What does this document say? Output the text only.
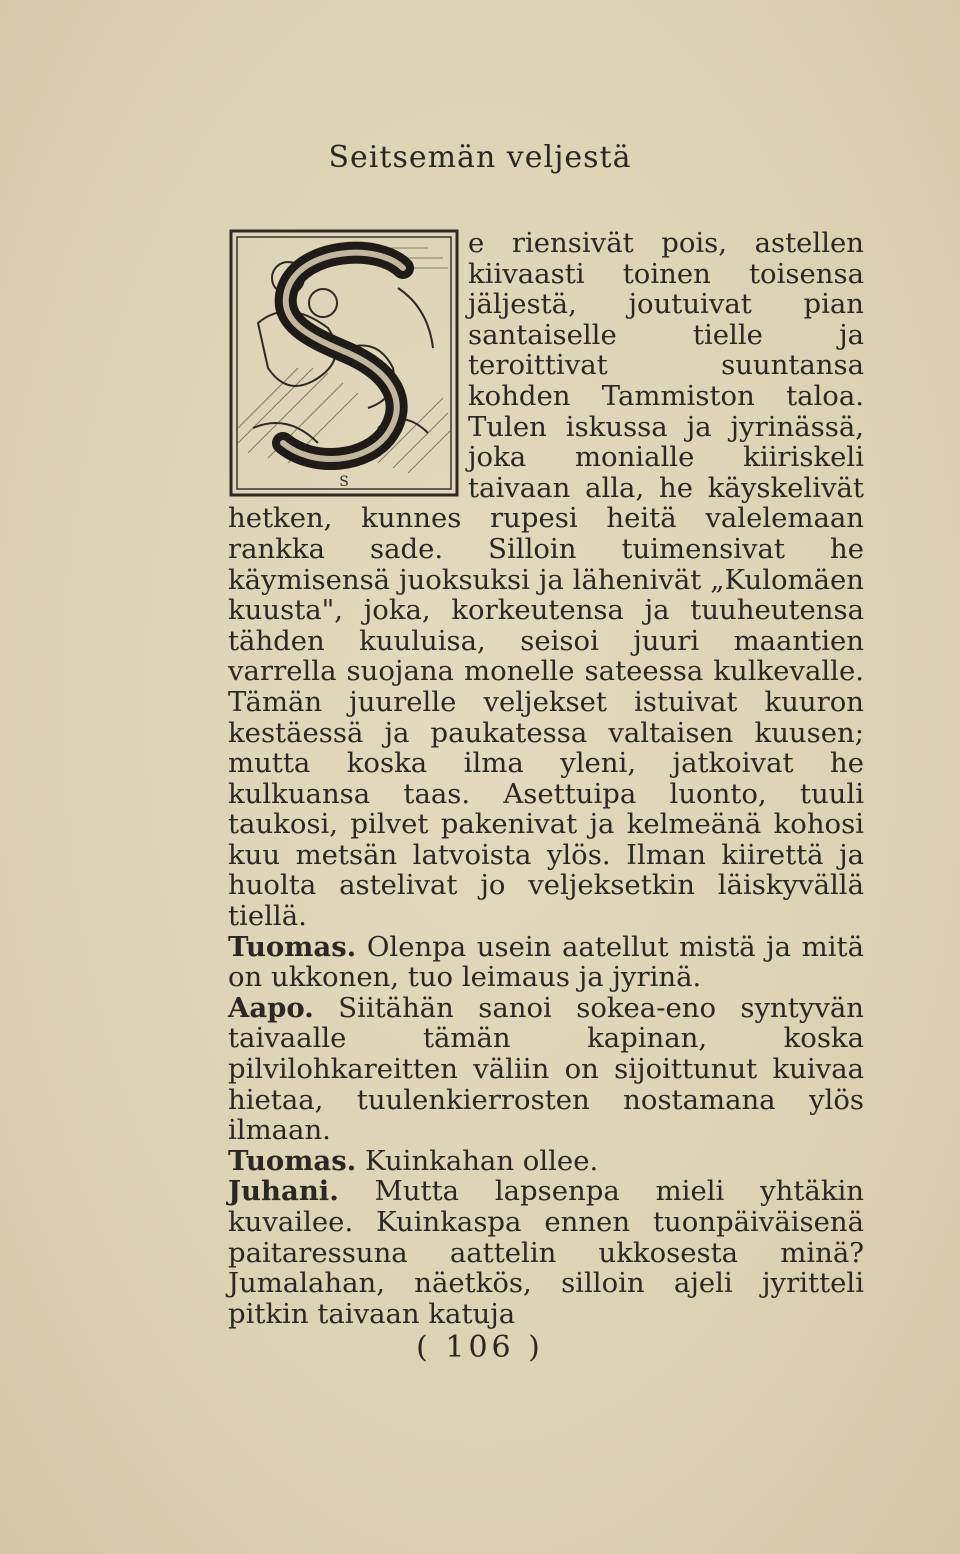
Seitsemän veljestä
S

e riensivät pois, astellen kiivaasti toinen toisensa jäljestä, joutuivat pian santaiselle tielle ja teroittivat suuntansa kohden Tammiston taloa. Tulen iskussa ja jyrinässä, joka monialle kiiriskeli taivaan alla, he käyskelivät hetken, kunnes rupesi heitä valelemaan rankka sade. Silloin tuimensivat he käymisensä juoksuksi ja lähenivät „Kulomäen kuusta", joka, korkeutensa ja tuuheutensa tähden kuuluisa, seisoi juuri maantien varrella suojana monelle sateessa kulkevalle. Tämän juurelle veljekset istuivat kuuron kestäessä ja paukatessa valtaisen kuusen; mutta koska ilma yleni, jatkoivat he kulkuansa taas. Asettuipa luonto, tuuli taukosi, pilvet pakenivat ja kelmeänä kohosi kuu metsän latvoista ylös. Ilman kiirettä ja huolta astelivat jo veljeksetkin läiskyvällä tiellä.

Tuomas. Olenpa usein aatellut mistä ja mitä on ukkonen, tuo leimaus ja jyrinä.

Aapo. Siitähän sanoi sokea-eno syntyvän taivaalle tämän kapinan, koska pilvilohkareitten väliin on sijoittunut kuivaa hietaa, tuulenkierrosten nostamana ylös ilmaan.

Tuomas. Kuinkahan ollee.

Juhani. Mutta lapsenpa mieli yhtäkin kuvailee. Kuinkaspa ennen tuonpäiväisenä paitaressuna aattelin ukkosesta minä? Jumalahan, näetkös, silloin ajeli jyritteli pitkin taivaan katuja

( 106 )
